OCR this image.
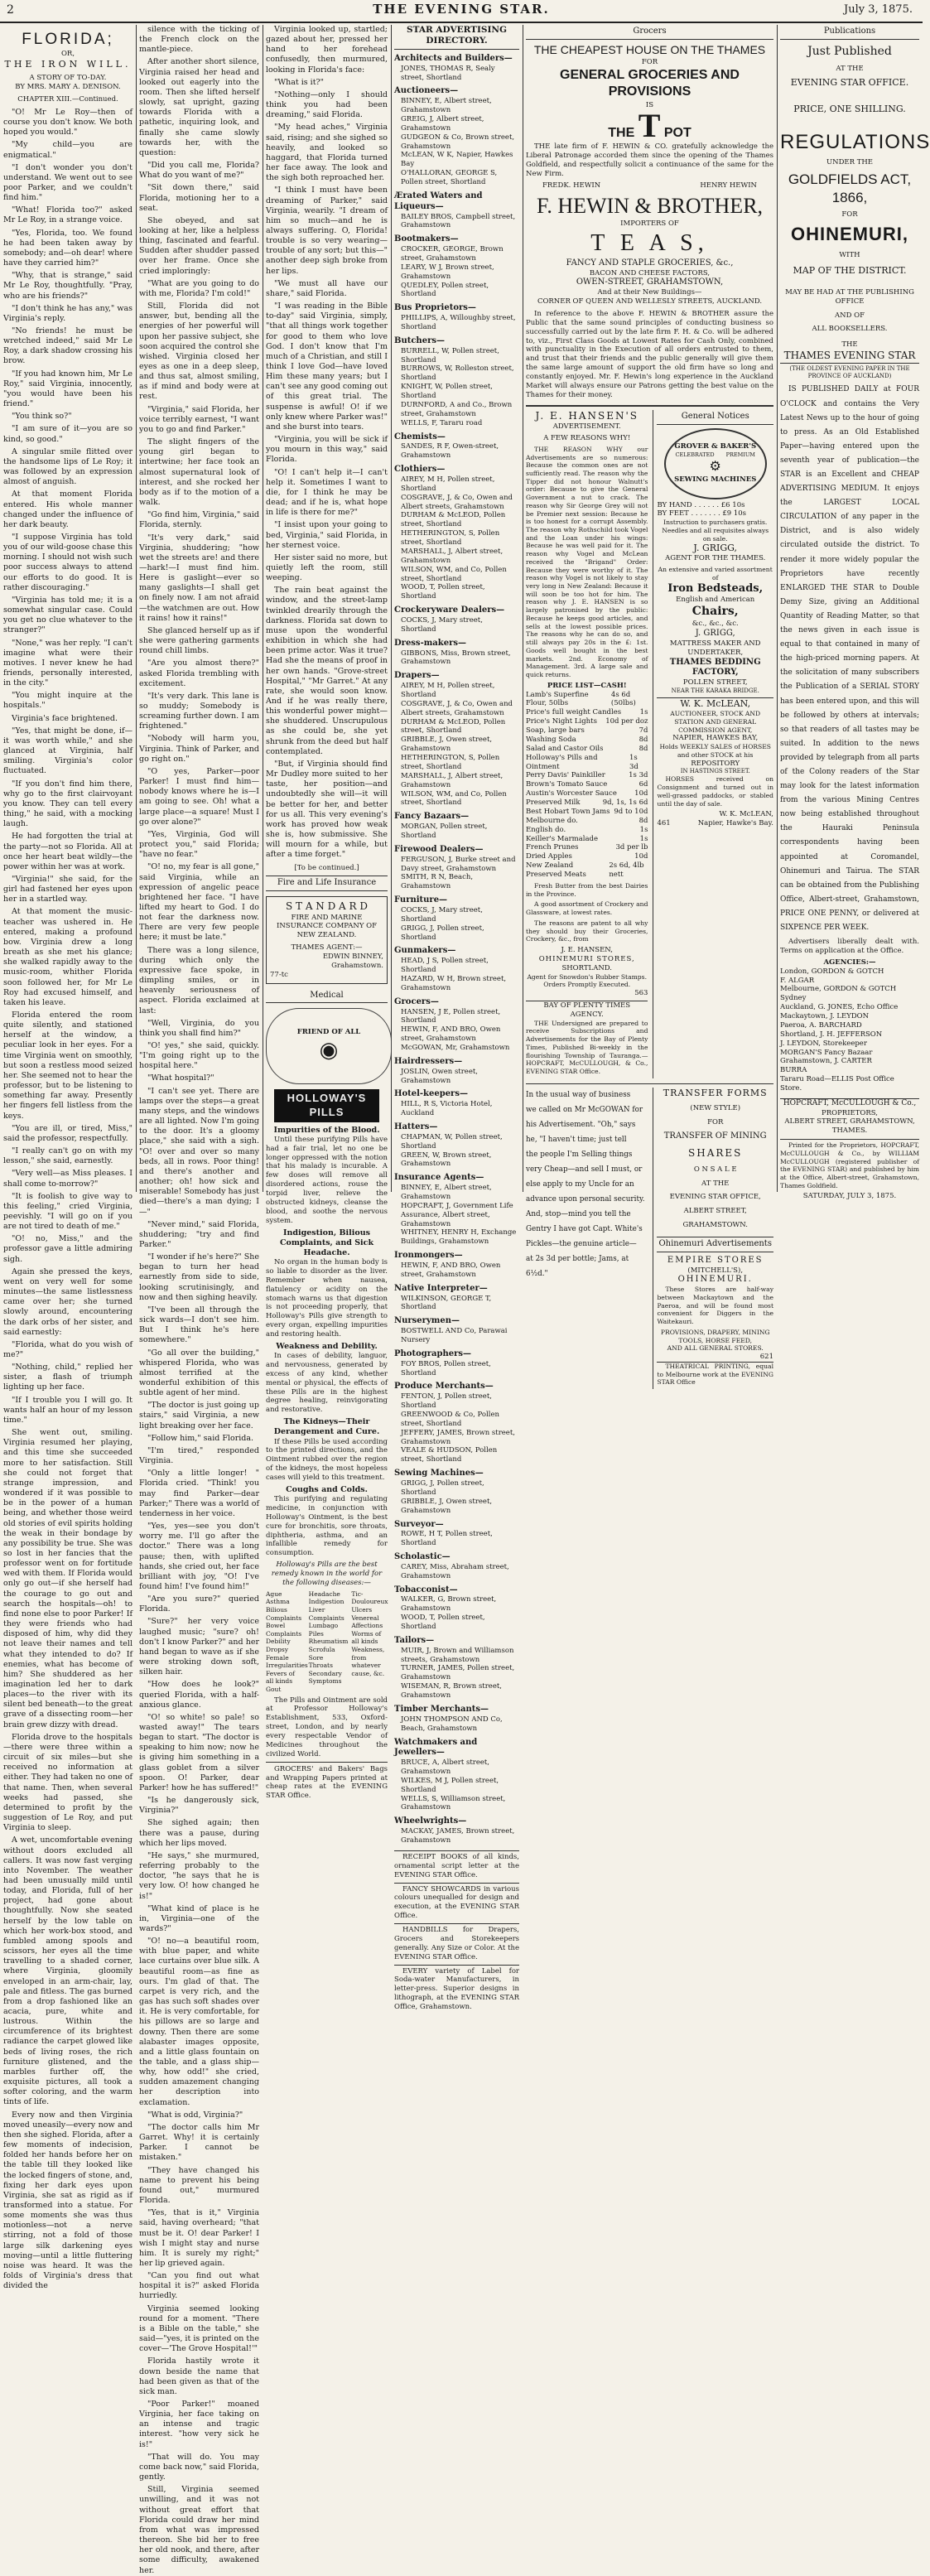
2	THE EVENING STAR.	July 3, 1875.
FLORIDA;
OR,
THE IRON WILL.
A STORY OF TO-DAY.
BY MRS. MARY A. DENISON.
CHAPTER XIII.—Continued.

"O! Mr Le Roy—then of course you don't know. We both hoped you would."

"My child—you are enigmatical."

"I don't wonder you don't understand. We went out to see poor Parker, and we couldn't find him."

"What! Florida too?" asked Mr Le Roy, in a strange voice.

"Yes, Florida, too. We found he had been taken away by somebody; and—oh dear! where have they carried him?"

"Why, that is strange," said Mr Le Roy, thoughtfully. "Pray, who are his friends?"

"I don't think he has any," was Virginia's reply.

"No friends! he must be wretched indeed," said Mr Le Roy, a dark shadow crossing his brow.

"If you had known him, Mr Le Roy," said Virginia, innocently, "you would have been his friend."

"You think so?"

"I am sure of it—you are so kind, so good."

A singular smile flitted over the handsome lips of Le Roy; it was followed by an expression almost of anguish.

At that moment Florida entered. His whole manner changed under the influence of her dark beauty.

"I suppose Virginia has told you of our wild-goose chase this morning. I should not wish such poor success always to attend our efforts to do good. It is rather discouraging."

"Virginia has told me; it is a somewhat singular case. Could you get no clue whatever to the stranger?"

"None," was her reply. "I can't imagine what were their motives. I never knew he had friends, personally interested, in the city."

"You might inquire at the hospitals."

Virginia's face brightened.

"Yes, that might be done, if—it was worth while," and she glanced at Virginia, half smiling. Virginia's color fluctuated.

"If you don't find him there, why go to the first clairvoyant you know. They can tell every thing," he said, with a mocking laugh.

He had forgotten the trial at the party—not so Florida. All at once her heart beat wildly—the power within her was at work.

"Virginia!" she said, for the girl had fastened her eyes upon her in a startled way.

At that moment the music-teacher was ushered in. He entered, making a profound bow. Virginia drew a long breath as she met his glance; she walked rapidly away to the music-room, whither Florida soon followed her, for Mr Le Roy had excused himself, and taken his leave.

Florida entered the room quite silently, and stationed herself at the window, a peculiar look in her eyes. For a time Virginia went on smoothly, but soon a restless mood seized her. She seemed not to hear the professor, but to be listening to something far away. Presently her fingers fell listless from the keys.

"You are ill, or tired, Miss," said the professor, respectfully.

"I really can't go on with my lesson," she said, earnestly.

"Very well—as Miss pleases. I shall come to-morrow?"

"It is foolish to give way to this feeling," cried Virginia, peevishly. "I will go on if you are not tired to death of me."

"O! no, Miss," and the professor gave a little admiring sigh.

Again she pressed the keys, went on very well for some minutes—the same listlessness came over her; she turned slowly around, encountering the dark orbs of her sister, and said earnestly:

"Florida, what do you wish of me?"

"Nothing, child," replied her sister, a flash of triumph lighting up her face.

"If I trouble you I will go. It wants half an hour of my lesson time."

She went out, smiling. Virginia resumed her playing, and this time she succeeded more to her satisfaction. Still she could not forget that strange impression, and wondered if it was possible to be in the power of a human being, and whether those weird old stories of evil spirits holding the weak in their bondage by any possibility be true. She was so lost in her fancies that the professor went on for fortitude wed with them. If Florida would only go out—if she herself had the courage to go out and search the hospitals—oh! to find none else to poor Parker! If they were friends who had disposed of him, why did they not leave their names and tell what they intended to do? If enemies, what has become of him? She shuddered as her imagination led her to dark places—to the river with its silent bed beneath—to the great grave of a dissecting room—her brain grew dizzy with dread.

Florida drove to the hospitals—there were three within a circuit of six miles—but she received no information at either. They had taken no one of that name. Then, when several weeks had passed, she determined to profit by the suggestion of Le Roy, and put Virginia to sleep.

A wet, uncomfortable evening without doors excluded all callers. It was now fast verging into November. The weather had been unusually mild until today, and Florida, full of her project, had gone about thoughtfully. Now she seated herself by the low table on which her work-box stood, and fumbled among spools and scissors, her eyes all the time travelling to a shaded corner, where Virginia, gloomily enveloped in an arm-chair, lay, pale and fitless. The gas burned from a drop fashioned like an acacia, pure, white and lustrous. Within the circumference of its brightest radiance the carpet glowed like beds of living roses, the rich furniture glistened, and the marbles further off, the exquisite pictures, all took a softer coloring, and the warm tints of life.

Every now and then Virginia moved uneasily—every now and then she sighed. Florida, after a few moments of indecision, folded her hands before her on the table till they looked like the locked fingers of stone, and, fixing her dark eyes upon Virginia, she sat as rigid as if transformed into a statue. For some moments she was thus motionless—not a nerve stirring, not a fold of those large silk darkening eyes moving—until a little fluttering noise was heard. It was the folds of Virginia's dress that divided the

silence with the ticking of the French clock on the mantle-piece.

After another short silence, Virginia raised her head and looked out eagerly into the room. Then she lifted herself slowly, sat upright, gazing towards Florida with a pathetic, inquiring look, and finally she came slowly towards her, with the question:

"Did you call me, Florida? What do you want of me?"

"Sit down there," said Florida, motioning her to a seat.

She obeyed, and sat looking at her, like a helpless thing, fascinated and fearful. Sudden after shudder passed over her frame. Once she cried imploringly:

"What are you going to do with me, Florida? I'm cold!"

Still, Florida did not answer, but, bending all the energies of her powerful will upon her passive subject, she soon acquired the control she wished. Virginia closed her eyes as one in a deep sleep, and thus sat, almost smiling, as if mind and body were at rest.

"Virginia," said Florida, her voice terribly earnest, "I want you to go and find Parker."

The slight fingers of the young girl began to intertwine; her face took an almost supernatural look of interest, and she rocked her body as if to the motion of a walk.

"Go find him, Virginia," said Florida, sternly.

"It's very dark," said Virginia, shuddering; "how wet the streets are! and there—hark!—I must find him. Here is gaslight—ever so many gaslights—I shall get on finely now. I am not afraid—the watchmen are out. How it rains! how it rains!"

She glanced herself up as if she were gathering garments round chill limbs.

"Are you almost there?" asked Florida trembling with excitement.

"It's very dark. This lane is so muddy; Somebody is screaming further down. I am frightened."

"Nobody will harm you, Virginia. Think of Parker, and go right on."

"O yes, Parker—poor Parker! I must find him—nobody knows where he is—I am going to see. Oh! what a large place—a square! Must I go over alone?"

"Yes, Virginia, God will protect you," said Florida; "have no fear."

"O! no, my fear is all gone," said Virginia, while an expression of angelic peace brightened her face. "I have lifted my heart to God. I do not fear the darkness now. There are very few people here; it must be late."

There was a long silence, during which only the expressive face spoke, in dimpling smiles, or in heavenly seriousness of aspect. Florida exclaimed at last:

"Well, Virginia, do you think you shall find him?"

"O! yes," she said, quickly. "I'm going right up to the hospital here."

"What hospital?"

"I can't see yet. There are lamps over the steps—a great many steps, and the windows are all lighted. Now I'm going to the door. It's a gloomy place," she said with a sigh. "O! over and over so many beds, all in rows. Poor thing! and there's another and another; oh! how sick and miserable! Somebody has just died—there's a man dying; I—"

"Never mind," said Florida, shuddering; "try and find Parker."

"I wonder if he's here?" She began to turn her head earnestly from side to side, looking scrutinisingly, and now and then sighing heavily.

"I've been all through the sick wards—I don't see him. But I think he's here somewhere."

"Go all over the building," whispered Florida, who was almost terrified at the wonderful exhibition of this subtle agent of her mind.

"The doctor is just going up stairs," said Virginia, a new light breaking over her face.

"Follow him," said Florida.

"I'm tired," responded Virginia.

"Only a little longer! " Florida cried. "Think! you may find Parker—dear Parker;" There was a world of tenderness in her voice.

"Yes, yes—see you don't worry me. I'll go after the doctor." There was a long pause; then, with uplifted hands, she cried out, her face brilliant with joy, "O! I've found him! I've found him!"

"Are you sure?" queried Florida.

"Sure?" her very voice laughed music; "sure? oh! don't I know Parker?" and her hand began to wave as if she were stroking down soft, silken hair.

"How does he look?" queried Florida, with a half-anxious glance.

"O! so white! so pale! so wasted away!" The tears began to start. "The doctor is speaking to him now; now he is giving him something in a glass goblet from a silver spoon. O! Parker, dear Parker! how he has suffered!"

"Is he dangerously sick, Virginia?"

She sighed again; then there was a pause, during which her lips moved.

"He says," she murmured, referring probably to the doctor, "he says that he is very low. O! how changed he is!"

"What kind of place is he in, Virginia—one of the wards?"

"O! no—a beautiful room, with blue paper, and white lace curtains over blue silk. A beautiful room—as fine as ours. I'm glad of that. The carpet is very rich, and the gas has such soft shades over it. He is very comfortable, for his pillows are so large and downy. Then there are some alabaster images opposite, and a little glass fountain on the table, and a glass ship—why, how odd!" she cried, sudden amazement changing her description into exclamation.

"What is odd, Virginia?"

"The doctor calls him Mr Garret. Why! it is certainly Parker. I cannot be mistaken."

"They have changed his name to prevent his being found out," murmured Florida.

"Yes, that is it," Virginia said, having overheard; "that must be it. O! dear Parker! I wish I might stay and nurse him. It is surely my right;" her lip grieved again.

"Can you find out what hospital it is?" asked Florida hurriedly.

Virginia seemed looking round for a moment. "There is a Bible on the table," she said—"yes, it is printed on the cover—'The Grove Hospital!'"

Florida hastily wrote it down beside the name that had been given as that of the sick man.

"Poor Parker!" moaned Virginia, her face taking on an intense and tragic interest. "how very sick he is!"

"That will do. You may come back now," said Florida, gently.

Still, Virginia seemed unwilling, and it was not without great effort that Florida could draw her mind from what was impressed thereon. She bid her to free her old nook, and there, after some difficulty, awakened her.

Virginia looked up, startled; gazed about her, pressed her hand to her forehead confusedly, then murmured, looking in Florida's face:

"What is it?"

"Nothing—only I should think you had been dreaming," said Florida.

"My head aches," Virginia said, rising; and she sighed so heavily, and looked so haggard, that Florida turned her face away. The look and the sigh both reproached her.

"I think I must have been dreaming of Parker," said Virginia, wearily. "I dream of him so much—and he is always suffering. O, Florida! trouble is so very wearing—trouble of any sort; but this—" another deep sigh broke from her lips.

"We must all have our share," said Florida.

"I was reading in the Bible to-day" said Virginia, simply, "that all things work together for good to them who love God. I don't know that I'm much of a Christian, and still I think I love God—have loved Him these many years; but I can't see any good coming out of this great trial. The suspense is awful! O! if we only knew where Parker was!" and she burst into tears.

"Virginia, you will be sick if you mourn in this way," said Florida.

"O! I can't help it—I can't help it. Sometimes I want to die, for I think he may be dead; and if he is, what hope in life is there for me?"

"I insist upon your going to bed, Virginia," said Florida, in her sternest voice.

Her sister said no more, but quietly left the room, still weeping.

The rain beat against the window, and the street-lamp twinkled drearily through the darkness. Florida sat down to muse upon the wonderful exhibition in which she had been prime actor. Was it true? Had she the means of proof in her own hands. "Grove-street Hospital," "Mr Garret." At any rate, she would soon know. And if he was really there, this wonderful power might—she shuddered. Unscrupulous as she could be, she yet shrunk from the deed but half contemplated.

"But, if Virginia should find Mr Dudley more suited to her taste, her position—and undoubtedly she will—it will be better for her, and better for us all. This very evening's work has proved how weak she is, how submissive. She will mourn for a while, but after a time forget."

[To be continued.]
Fire and Life Insurance
S T A N D A R D
FIRE AND MARINE
INSURANCE COMPANY OF NEW ZEALAND.
THAMES AGENT:—
EDWIN BINNEY,
Grahamstown.
77-tc
Medical
FRIEND OF ALL
◉
HOLLOWAY'S PILLS
Impurities of the Blood.

Until these purifying Pills have had a fair trial, let no one be longer oppressed with the notion that his malady is incurable. A few doses will remove all disordered actions, rouse the torpid liver, relieve the obstructed kidneys, cleanse the blood, and soothe the nervous system.

Indigestion, Bilious Complaints, and Sick Headache.

No organ in the human body is so liable to disorder as the liver. Remember when nausea, flatulency or acidity on the stomach warns us that digestion is not proceeding properly, that Holloway's Pills give strength to every organ, expelling impurities and restoring health.

Weakness and Debility.

In cases of debility, languor, and nervousness, generated by excess of any kind, whether mental or physical, the effects of these Pills are in the highest degree healing, reinvigorating and restorative.

The Kidneys—Their Derangement and Cure.

If these Pills be used according to the printed directions, and the Ointment rubbed over the region of the kidneys, the most hopeless cases will yield to this treatment.

Coughs and Colds.

This purifying and regulating medicine, in conjunction with Holloway's Ointment, is the best cure for bronchitis, sore throats, diphtheria, asthma, and an infallible remedy for consumption.

Holloway's Pills are the best remedy known in the world for the following diseases:—
Ague
Asthma
Bilious Complaints
Bowel Complaints
Debility
Dropsy
Female Irregularities
Fevers of all kinds
Gout
Headache
Indigestion
Liver Complaints
Lumbago
Piles
Rheumatism
Scrofula
Sore Throats
Secondary Symptoms
Tic-Douloureux
Ulcers
Venereal Affections
Worms of all kinds
Weakness, from whatever cause, &c.

The Pills and Ointment are sold at Professor Holloway's Establishment, 533, Oxford-street, London, and by nearly every respectable Vendor of Medicines throughout the civilized World.

GROCERS' and Bakers' Bags and Wrapping Papers printed at cheap rates at the EVENING STAR Office.

STAR ADVERTISING DIRECTORY.
Architects and Builders—
JONES, THOMAS R, Sealy street, Shortland
Auctioneers—
BINNEY, E, Albert street, Grahamstown
GREIG, J, Albert street, Grahamstown
GUDGEON & Co, Brown street, Grahamstown
McLEAN, W K, Napier, Hawkes Bay
O'HALLORAN, GEORGE S, Pollen street, Shortland
Ærated Waters and Liqueurs—
BAILEY BROS, Campbell street, Grahamstown
Bootmakers—
CROCKER, GEORGE, Brown street, Grahamstown
LEARY, W J, Brown street, Grahamstown
QUEDLEY, Pollen street, Shortland
Bus Proprietors—
PHILLIPS, A, Willoughby street, Shortland
Butchers—
BURRELL, W, Pollen street, Shortland
BURROWS, W, Rolleston street, Shortland
KNIGHT, W, Pollen street, Shortland
DURNFORD, A and Co., Brown street, Grahamstown
WELLS, F, Tararu road
Chemists—
SANDES, R F, Owen-street, Grahamstown
Clothiers—
AIREY, M H, Pollen street, Shortland
COSGRAVE, J, & Co, Owen and Albert streets, Grahamstown
DURHAM & McLEOD, Pollen street, Shortland
HETHERINGTON, S, Pollen street, Shortland
MARSHALL, J, Albert street, Grahamstown
WILSON, WM, and Co, Pollen street, Shortland
WOOD, T, Pollen street, Shortland
Crockeryware Dealers—
COCKS, J, Mary street, Shortland
Dress-makers—
GIBBONS, Miss, Brown street, Grahamstown
Drapers—
AIREY, M H, Pollen street, Shortland
COSGRAVE, J, & Co, Owen and Albert streets, Grahamstown
DURHAM & McLEOD, Pollen street, Shortland
GRIBBLE, J, Owen street, Grahamstown
HETHERINGTON, S, Pollen street, Shortland
MARSHALL, J, Albert street, Grahamstown
WILSON, WM, and Co, Pollen street, Shortland
Fancy Bazaars—
MORGAN, Pollen street, Shortland
Firewood Dealers—
FERGUSON, J, Burke street and Davy street, Grahamstown
SMITH, R N, Beach, Grahamstown
Furniture—
COCKS, J, Mary street, Shortland
GRIGG, J, Pollen street, Shortland
Gunmakers—
HEAD, J S, Pollen street, Shortland
HAZARD, W H, Brown street, Grahamstown
Grocers—
HANSEN, J E, Pollen street, Shortland
HEWIN, F, AND BRO, Owen street, Grahamstown
McGOWAN, Mr, Grahamstown
Hairdressers—
JOSLIN, Owen street, Grahamstown
Hotel-keepers—
HILL, R S, Victoria Hotel, Auckland
Hatters—
CHAPMAN, W, Pollen street, Shortland
GREEN, W, Brown street, Grahamstown
Insurance Agents—
BINNEY, E, Albert street, Grahamstown
HOPCRAFT, J, Government Life Assurance, Albert street, Grahamstown
WHITNEY, HENRY H, Exchange Buildings, Grahamstown
Ironmongers—
HEWIN, F, AND BRO, Owen street, Grahamstown
Native Interpreter—
WILKINSON, GEORGE T, Shortland
Nurserymen—
BOSTWELL AND Co, Parawai Nursery
Photographers—
FOY BROS, Pollen street, Shortland
Produce Merchants—
FENTON, J, Pollen street, Shortland
GREENWOOD & Co, Pollen street, Shortland
JEFFERY, JAMES, Brown street, Grahamstown
VEALE & HUDSON, Pollen street, Shortland
Sewing Machines—
GRIGG, J, Pollen street, Shortland
GRIBBLE, J, Owen street, Grahamstown
Surveyor—
ROWE, H T, Pollen street, Shortland
Scholastic—
CAREY, Miss, Abraham street, Grahamstown
Tobacconist—
WALKER, G, Brown street, Grahamstown
WOOD, T, Pollen street, Shortland
Tailors—
MUIR, J, Brown and Williamson streets, Grahamstown
TURNER, JAMES, Pollen street, Grahamstown
WISEMAN, R, Brown street, Grahamstown
Timber Merchants—
JOHN THOMPSON AND Co, Beach, Grahamstown
Watchmakers and Jewellers—
BRUCE, A, Albert street, Grahamstown
WILKES, M J, Pollen street, Shortland
WELLS, S, Williamson street, Grahamstown
Wheelwrights—
MACKAY, JAMES, Brown street, Grahamstown

RECEIPT BOOKS of all kinds, ornamental script letter at the EVENING STAR Office.

FANCY SHOWCARDS in various colours unequalled for design and execution, at the EVENING STAR Office.

HANDBILLS for Drapers, Grocers and Storekeepers generally. Any Size or Color. At the EVENING STAR Office.

EVERY variety of Label for Soda-water Manufacturers, in letter-press. Superior designs in lithograph, at the EVENING STAR Office, Grahamstown.

Grocers
THE CHEAPEST HOUSE ON THE THAMES
FOR
GENERAL GROCERIES AND PROVISIONS
IS
THE T POT

THE late firm of F. HEWIN & CO. gratefully acknowledge the Liberal Patronage accorded them since the opening of the Thames Goldfield, and respectfully solicit a continuance of the same for the New Firm.

FREDK. HEWIN	HENRY HEWIN
F. HEWIN & BROTHER,
IMPORTERS OF
T E A S,
FANCY AND STAPLE GROCERIES, &c.,
BACON AND CHEESE FACTORS,
OWEN-STREET, GRAHAMSTOWN,
And at their New Buildings—
CORNER OF QUEEN AND WELLESLY STREETS, AUCKLAND.

In reference to the above F. HEWIN & BROTHER assure the Public that the same sound principles of conducting business so successfully carried out by the late firm F. H. & Co. will be adhered to, viz., First Class Goods at Lowest Rates for Cash Only, combined with punctuality in the Execution of all orders entrusted to them, and trust that their friends and the public generally will give them the same large amount of support the old firm have so long and constantly enjoyed. Mr. F. Hewin's long experience in the Auckland Market will always ensure our Patrons getting the best value on the Thames for their money.

J. E. HANSEN'S
ADVERTISEMENT.
A FEW REASONS WHY!

THE REASON WHY our Advertisements are so numerous: Because the common ones are not sufficiently read. The reason why the Tipper did not honour Walnutt's order: Because to give the General Government a nut to crack. The reason why Sir George Grey will not be Premier next session: Because he is too honest for a corrupt Assembly. The reason why Rothschild took Vogel and the Loan under his wings: Because he was well paid for it. The reason why Vogel and McLean received the "Brigand" Order: Because they were worthy of it. The reason why Vogel is not likely to stay very long in New Zealand: Because it will soon be too hot for him. The reason why J. E. HANSEN is so largely patronised by the public: Because he keeps good articles, and sells at the lowest possible prices. The reasons why he can do so, and still always pay 20s in the £: 1st. Goods well bought in the best markets. 2nd. Economy of Management. 3rd. A large sale and quick returns.

PRICE LIST—CASH!
Lamb's Superfine Flour, 50lbs
4s 6d (50lbs)
Price's full weight Candles	1s
Price's Night Lights 10d per doz
Soap, large bars	7d
Washing Soda	8d
Salad and Castor Oils	8d
Holloway's Pills and Ointment
1s 3d
Perry Davis' Painkiller	1s 3d
Brown's Tomato Sauce	6d
Austin's Worcester Sauce	10d
Preserved Milk	9d, 1s, 1s 6d
Best Hobart Town Jams 9d to 10d
Melbourne do.	8d
English do.	1s
Keiller's Marmalade	1s
French Prunes	3d per lb
Dried Apples	10d
New Zealand Preserved Meats
2s 6d, 4lb nett

Fresh Butter from the best Dairies in the Province.

A good assortment of Crockery and Glassware, at lowest rates.

The reasons are patent to all why they should buy their Groceries, Crockery, &c., from

J. E. HANSEN,
OHINEMURI STORES,
SHORTLAND.
Agent for Snowdon's Rubber Stamps. Orders Promptly Executed.
563
BAY OF PLENTY TIMES AGENCY.

THE Undersigned are prepared to receive Subscriptions and Advertisements for the Bay of Plenty Times, Published Bi-weekly in the flourishing Township of Tauranga.— HOPCRAFT, McCULLOUGH, & Co., EVENING STAR Office.

General Notices
GROVER & BAKER'S
CELEBRATED PREMIUM
⚙
SEWING MACHINES
BY HAND . . . . . . £6 10s
BY FEET . . . . . . . £9 10s
Instruction to purchasers gratis. Needles and all requisites always on sale.
J. GRIGG,
AGENT FOR THE THAMES.
An extensive and varied assortment of
Iron Bedsteads,
English and American
Chairs,
&c., &c., &c.
J. GRIGG,
MATTRESS MAKER AND UNDERTAKER,
THAMES BEDDING FACTORY,
POLLEN STREET,
NEAR THE KARAKA BRIDGE.
W. K. McLEAN,
AUCTIONEER, STOCK AND STATION AND GENERAL COMMISSION AGENT,
NAPIER, HAWKES BAY,
Holds WEEKLY SALES of HORSES and other STOCK at his
REPOSITORY
IN HASTINGS STREET.

HORSES received on Consignment and turned out in well-grassed paddocks, or stabled until the day of sale.

W. K. McLEAN,
461	Napier, Hawke's Bay.
In the usual way of business
we called on Mr McGOWAN for
his Advertisement. "Oh," says
he, "I haven't time; just tell
the people I'm Selling things
very Cheap—and sell I must, or
else apply to my Uncle for an
advance upon personal security.
And, stop—mind you tell the
Gentry I have got Capt. White's
Pickles—the genuine article—
at 2s 3d per bottle; Jams, at
6½d."
TRANSFER FORMS
(NEW STYLE)
FOR
TRANSFER OF MINING
SHARES
O N S A L E
AT THE
EVENING STAR OFFICE,
ALBERT STREET,
GRAHAMSTOWN.
Ohinemuri Advertisements
EMPIRE STORES
(MITCHELL'S),
OHINEMURI.

These Stores are half-way between Mackaytown and the Paeroa, and will be found most convenient for Diggers in the Waitekauri.

PROVISIONS, DRAPERY, MINING TOOLS, HORSE FEED,
AND ALL GENERAL STORES.
621

THEATRICAL PRINTING, equal to Melbourne work at the EVENING STAR Office

Publications
Just Published
AT THE
EVENING STAR OFFICE.
PRICE, ONE SHILLING.
REGULATIONS
UNDER THE
GOLDFIELDS ACT, 1866,
FOR
OHINEMURI,
WITH
MAP OF THE DISTRICT.
MAY BE HAD AT THE PUBLISHING OFFICE
AND OF
ALL BOOKSELLERS.
THE
THAMES EVENING STAR
(THE OLDEST EVENING PAPER IN THE PROVINCE OF AUCKLAND)

IS PUBLISHED DAILY at FOUR O'CLOCK and contains the Very Latest News up to the hour of going to press. As an Old Established Paper—having entered upon the seventh year of publication—the STAR is an Excellent and CHEAP ADVERTISING MEDIUM. It enjoys the LARGEST LOCAL CIRCULATION of any paper in the District, and is also widely circulated outside the district. To render it more widely popular the Proprietors have recently ENLARGED THE STAR to Double Demy Size, giving an Additional Quantity of Reading Matter, so that the news given in each issue is equal to that contained in many of the high-priced morning papers. At the solicitation of many subscribers the Publication of a SERIAL STORY has been entered upon, and this will be followed by others at intervals; so that readers of all tastes may be suited. In addition to the news provided by telegraph from all parts of the Colony readers of the Star may look for the latest information from the various Mining Centres now being established throughout the Hauraki Peninsula correspondents having been appointed at Coromandel, Ohinemuri and Tairua. The STAR can be obtained from the Publishing Office, Albert-street, Grahamstown, PRICE ONE PENNY, or delivered at SIXPENCE PER WEEK.

Advertisers liberally dealt with. Terms on application at the Office.

AGENCIES:—
London, GORDON & GOTCH
F. ALGAR
Melbourne, GORDON & GOTCH
Sydney
Auckland, G. JONES, Echo Office
Mackaytown, J. LEYDON
Paeroa, A. BARCHARD
Shortland, J. H. JEFFERSON
J. LEYDON, Storekeeper
MORGAN'S Fancy Bazaar
Grahamstown, J. CARTER
BURRA
Tararu Road—ELLIS Post Office
Store.
HOPCRAFT, McCULLOUGH & Co.,
PROPRIETORS,
ALBERT STREET, GRAHAMSTOWN,
THAMES.

Printed for the Proprietors, HOPCRAFT, McCULLOUGH & Co., by WILLIAM McCULLOUGH (registered publisher of the EVENING STAR) and published by him at the Office, Albert-street, Grahamstown, Thames Goldfield.

SATURDAY, JULY 3, 1875.
